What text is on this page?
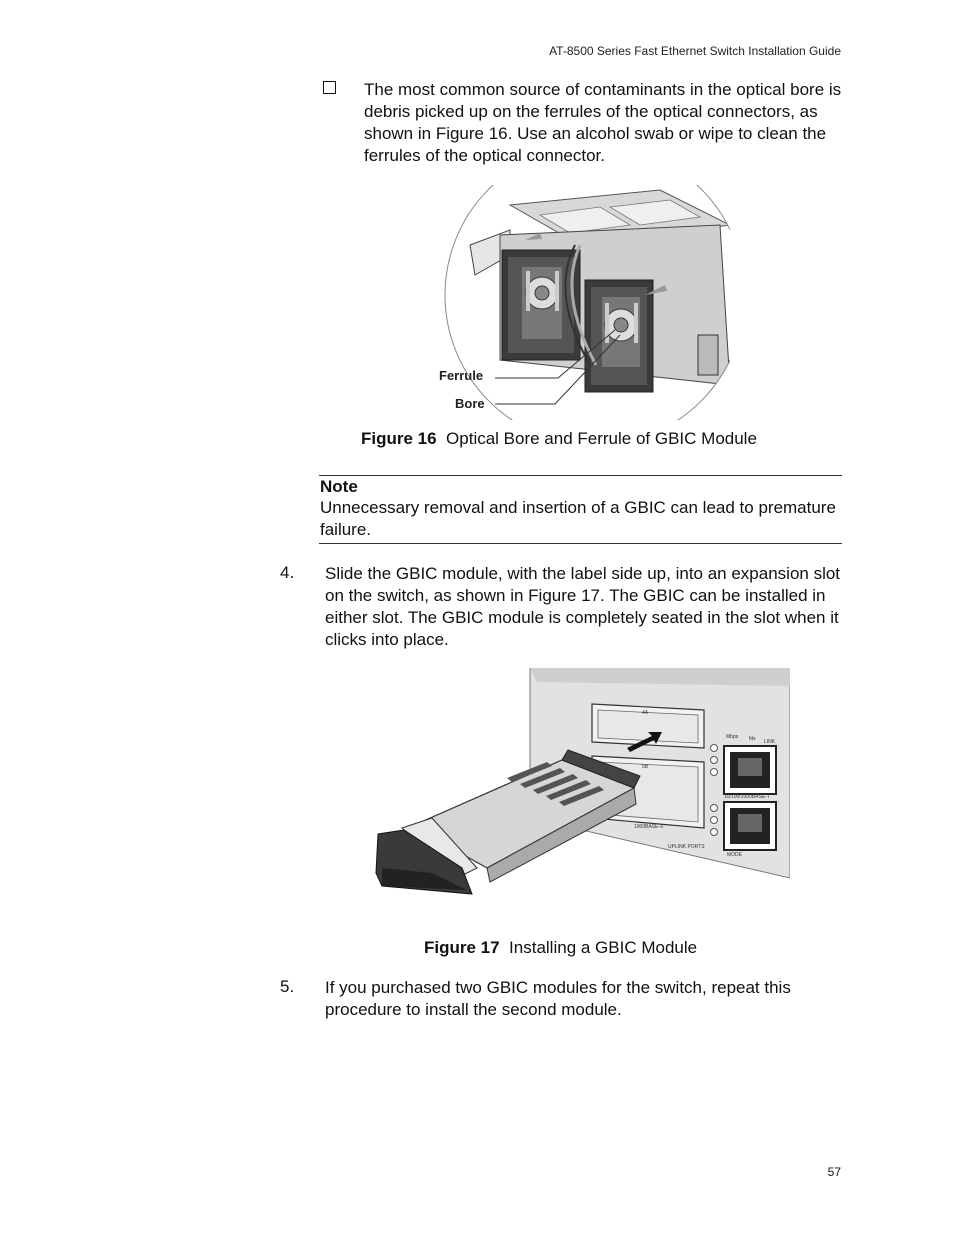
AT-8500 Series Fast Ethernet Switch Installation Guide
The most common source of contaminants in the optical bore is debris picked up on the ferrules of the optical connectors, as shown in Figure 16. Use an alcohol swab or wipe to clean the ferrules of the optical connector.
Ferrule
Bore
Figure 16 Optical Bore and Ferrule of GBIC Module
Note
Unnecessary removal and insertion of a GBIC can lead to premature failure.
4. Slide the GBIC module, with the label side up, into an expansion slot on the switch, as shown in Figure 17. The GBIC can be installed in either slot. The GBIC module is completely seated in the slot when it clicks into place.
4A
5B
Mbps fdx LINK
10/100/1000BASE-T
MODE
1000BASE-X
UPLINK PORTS
Figure 17 Installing a GBIC Module
5. If you purchased two GBIC modules for the switch, repeat this procedure to install the second module.
57
